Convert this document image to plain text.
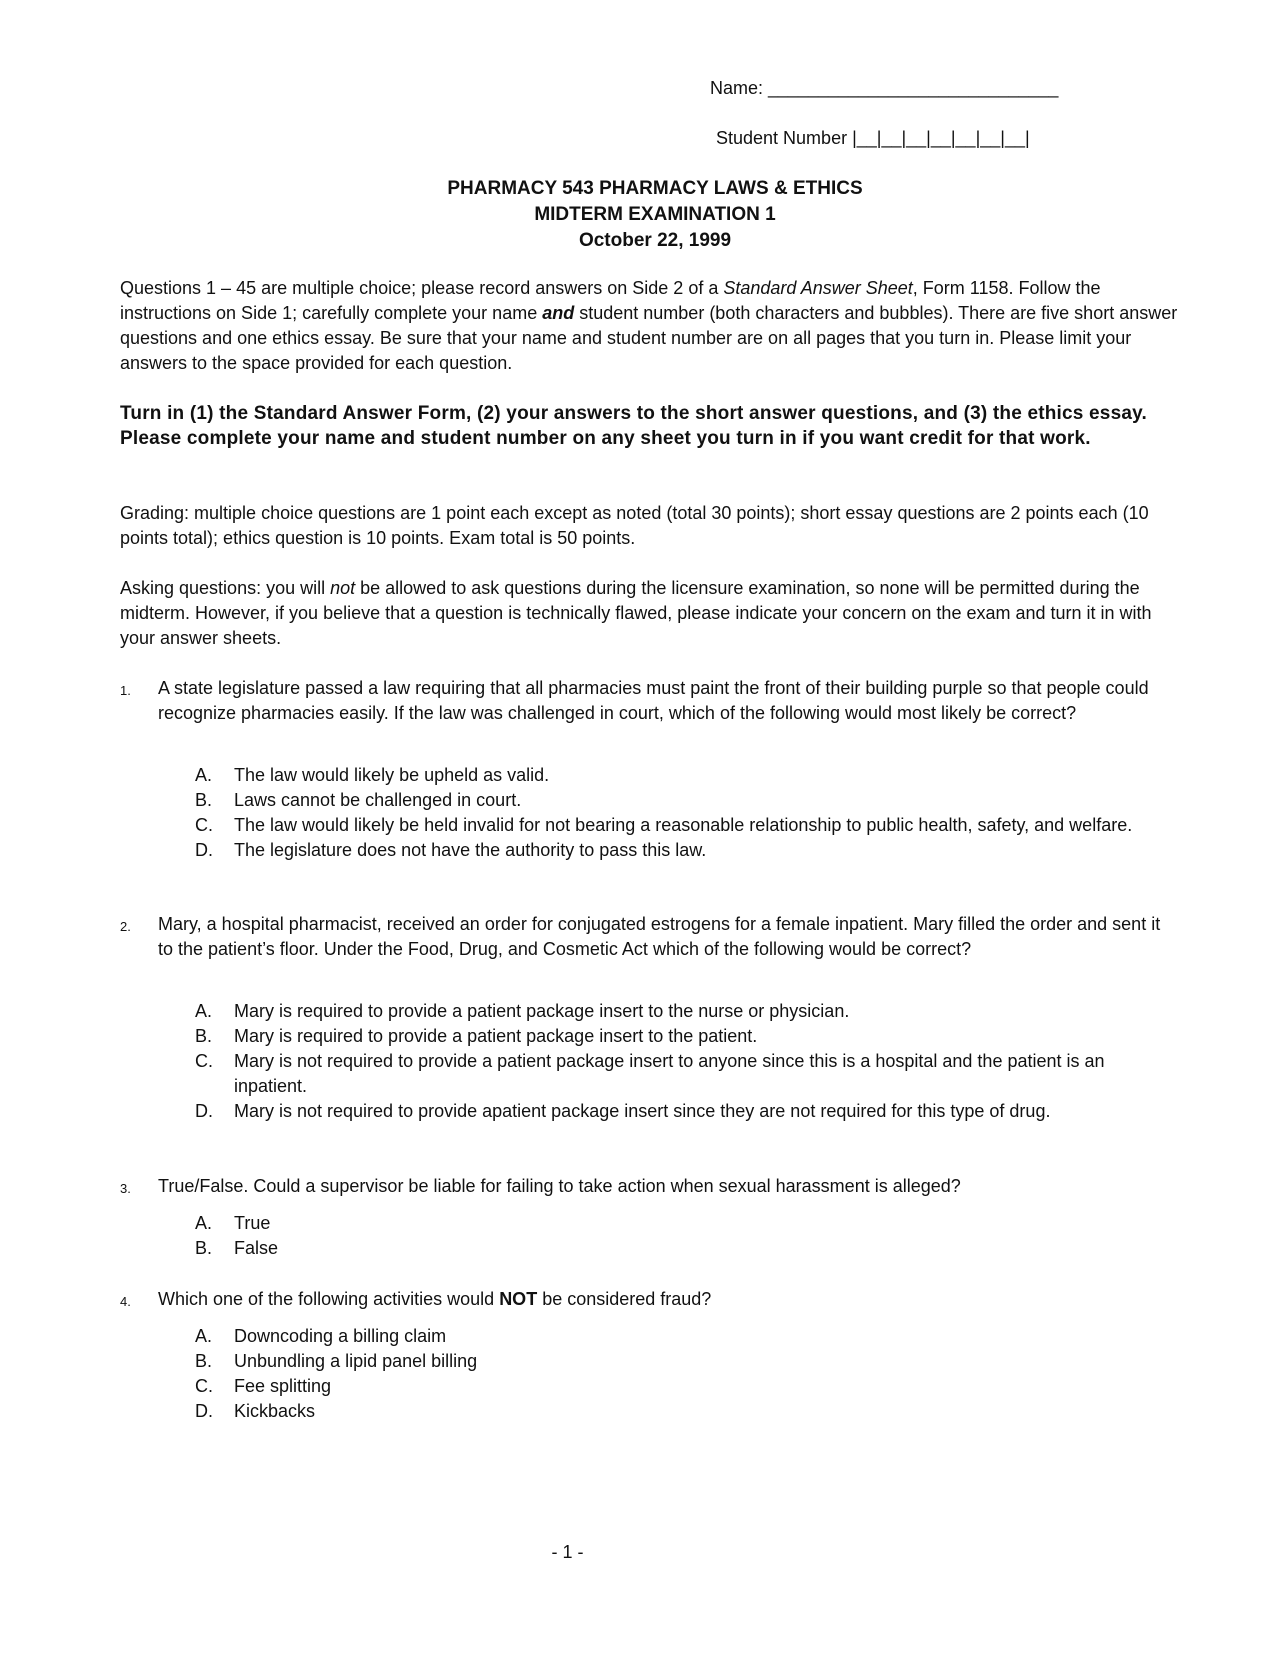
Name: _____________________________
Student Number |__|__|__|__|__|__|__|
PHARMACY 543 PHARMACY LAWS & ETHICS
MIDTERM EXAMINATION 1
October 22, 1999

Questions 1 – 45 are multiple choice; please record answers on Side 2 of a Standard Answer Sheet, Form 1158. Follow the instructions on Side 1; carefully complete your name and student number (both characters and bubbles). There are five short answer questions and one ethics essay. Be sure that your name and student number are on all pages that you turn in. Please limit your answers to the space provided for each question.

Turn in (1) the Standard Answer Form, (2) your answers to the short answer questions, and (3) the ethics essay. Please complete your name and student number on any sheet you turn in if you want credit for that work.

Grading: multiple choice questions are 1 point each except as noted (total 30 points); short essay questions are 2 points each (10 points total); ethics question is 10 points. Exam total is 50 points.

Asking questions: you will not be allowed to ask questions during the licensure examination, so none will be permitted during the midterm. However, if you believe that a question is technically flawed, please indicate your concern on the exam and turn it in with your answer sheets.

1.	A state legislature passed a law requiring that all pharmacies must paint the front of their building purple so that people could recognize pharmacies easily. If the law was challenged in court, which of the following would most likely be correct?

A. The law would likely be upheld as valid.
B. Laws cannot be challenged in court.
C. The law would likely be held invalid for not bearing a reasonable relationship to public health, safety, and welfare.
D. The legislature does not have the authority to pass this law.
2.	Mary, a hospital pharmacist, received an order for conjugated estrogens for a female inpatient. Mary filled the order and sent it to the patient’s floor. Under the Food, Drug, and Cosmetic Act which of the following would be correct?

A. Mary is required to provide a patient package insert to the nurse or physician.
B. Mary is required to provide a patient package insert to the patient.
C. Mary is not required to provide a patient package insert to anyone since this is a hospital and the patient is an inpatient.
D. Mary is not required to provide apatient package insert since they are not required for this type of drug.
3.	True/False. Could a supervisor be liable for failing to take action when sexual harassment is alleged?

A. True
B. False
4.	Which one of the following activities would NOT be considered fraud?

A. Downcoding a billing claim
B. Unbundling a lipid panel billing
C. Fee splitting
D. Kickbacks
- 1 -
